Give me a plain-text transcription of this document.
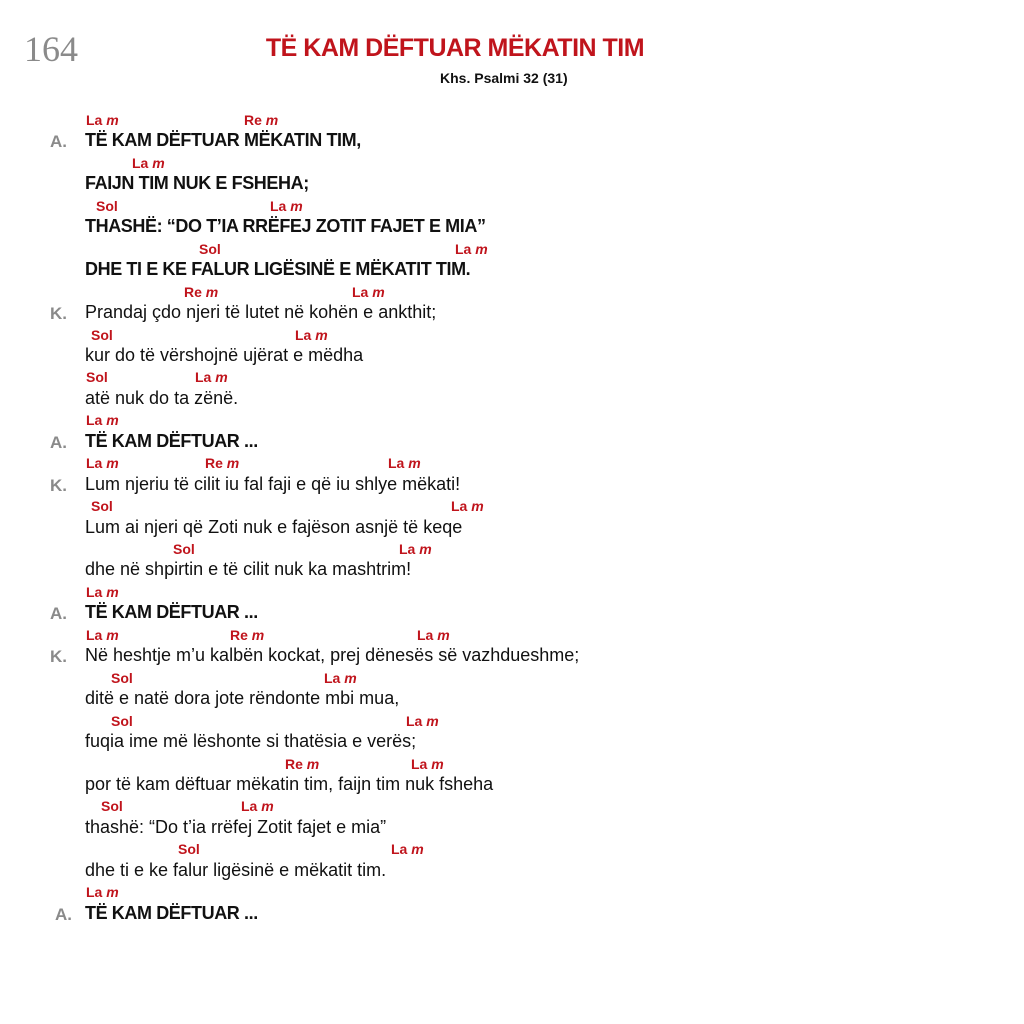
164	TË KAM DËFTUAR MËKATIN TIM
Khs. Psalmi 32 (31)
La m	Re m
A. TË KAM DËFTUAR MËKATIN TIM,
La m
FAIJN TIM NUK E FSHEHA;
Sol	La m
THASHË: “DO T’IA RRËFEJ ZOTIT FAJET E MIA”
Sol	La m
DHE TI E KE FALUR LIGËSINË E MËKATIT TIM.
Re m	La m
K. Prandaj çdo njeri të lutet në kohën e ankthit;
Sol	La m
kur do të vërshojnë ujërat e mëdha
Sol	La m
atë nuk do ta zënë.
La m
A. TË KAM DËFTUAR ...
La m	Re m	La m
K. Lum njeriu të cilit iu fal faji e që iu shlye mëkati!
Sol	La m
Lum ai njeri që Zoti nuk e fajëson asnjë të keqe
Sol	La m
dhe në shpirtin e të cilit nuk ka mashtrim!
La m
A. TË KAM DËFTUAR ...
La m	Re m	La m
K. Në heshtje m’u kalbën kockat, prej dënesës së vazhdueshme;
Sol	La m
ditë e natë dora jote rëndonte mbi mua,
Sol	La m
fuqia ime më lëshonte si thatësia e verës;
Re m	La m
por të kam dëftuar mëkatin tim, faijn tim nuk fsheha
Sol	La m
thashë: “Do t’ia rrëfej Zotit fajet e mia”
Sol	La m
dhe ti e ke falur ligësinë e mëkatit tim.
La m
A. TË KAM DËFTUAR ...
